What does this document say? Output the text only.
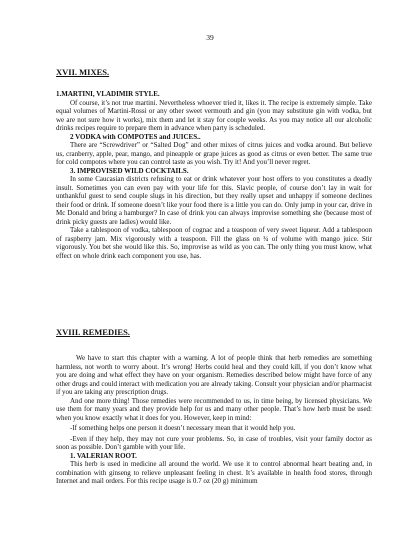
39
XVII. MIXES.
1.MARTINI, VLADIMIR STYLE.

Of course, it’s not true martini. Nevertheless whoever tried it, likes it. The recipe is extremely simple. Take equal volumes of Martini-Rossi or any other sweet vermouth and gin (you may substitute gin with vodka, but we are not sure how it works), mix them and let it stay for couple weeks. As you may notice all our alcoholic drinks recipes require to prepare them in advance when party is scheduled.

2 VODKA with COMPOTES and JUICES..

There are “Screwdriver” or “Salted Dog” and other mixes of citrus juices and vodka around. But believe us, cranberry, apple, pear, mango, and pineapple or grape juices as good as citrus or even better. The same true for cold compotes where you can control taste as you wish. Try it! And you’ll never regret.

3. IMPROVISED WILD COCKTAILS.

In some Caucasian districts refusing to eat or drink whatever your host offers to you constitutes a deadly insult. Sometimes you can even pay with your life for this. Slavic people, of course don’t lay in wait for unthankful guest to send couple slugs in his direction, but they really upset and unhappy if someone declines their food or drink. If someone doesn’t like your food there is a little you can do. Only jump in your car, drive in Mc Donald and bring a hamburger? In case of drink you can always improvise something she (because most of drink picky guests are ladies) would like.

Take a tablespoon of vodka, tablespoon of cognac and a teaspoon of very sweet liqueur. Add a tablespoon of raspberry jam. Mix vigorously with a teaspoon. Fill the glass on ¾ of volume with mango juice. Stir vigorously. You bet she would like this. So, improvise as wild as you can. The only thing you must know, what effect on whole drink each component you use, has.

XVIII. REMEDIES.

We have to start this chapter with a warning. A lot of people think that herb remedies are something harmless, not worth to worry about. It’s wrong! Herbs could heal and they could kill, if you don’t know what you are doing and what effect they have on your organism. Remedies described below might have force of any other drugs and could interact with medication you are already taking. Consult your physician and/or pharmacist if you are taking any prescription drugs.

And one more thing! Those remedies were recommended to us, in time being, by licensed physicians. We use them for many years and they provide help for us and many other people. That’s how herb must be used: when you know exactly what it does for you. However, keep in mind:

-If something helps one person it doesn’t necessary mean that it would help you.

-Even if they help, they may not cure your problems. So, in case of troubles, visit your family doctor as soon as possible. Don’t gamble with your life.

1. VALERIAN ROOT.

This herb is used in medicine all around the world. We use it to control abnormal heart beating and, in combination with ginseng to relieve unpleasant feeling in chest. It’s available in health food stores, through Internet and mail orders. For this recipe usage is 0.7 oz (20 g) minimum
